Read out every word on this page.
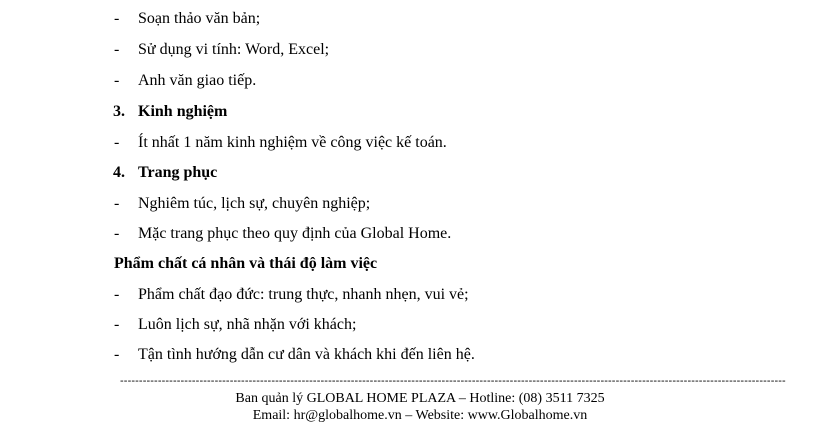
- Soạn thảo văn bản;
- Sử dụng vi tính: Word, Excel;
- Anh văn giao tiếp.
3. Kinh nghiệm
- Ít nhất 1 năm kinh nghiệm về công việc kế toán.
4. Trang phục
- Nghiêm túc, lịch sự, chuyên nghiệp;
- Mặc trang phục theo quy định của Global Home.
Phẩm chất cá nhân và thái độ làm việc
- Phẩm chất đạo đức: trung thực, nhanh nhẹn, vui vẻ;
- Luôn lịch sự, nhã nhặn với khách;
- Tận tình hướng dẫn cư dân và khách khi đến liên hệ.
--------------------------------------------------------------------------------------------------------------------------------------------------------------------------------
Ban quản lý GLOBAL HOME PLAZA – Hotline: (08) 3511 7325
Email: hr@globalhome.vn – Website: www.Globalhome.vn
